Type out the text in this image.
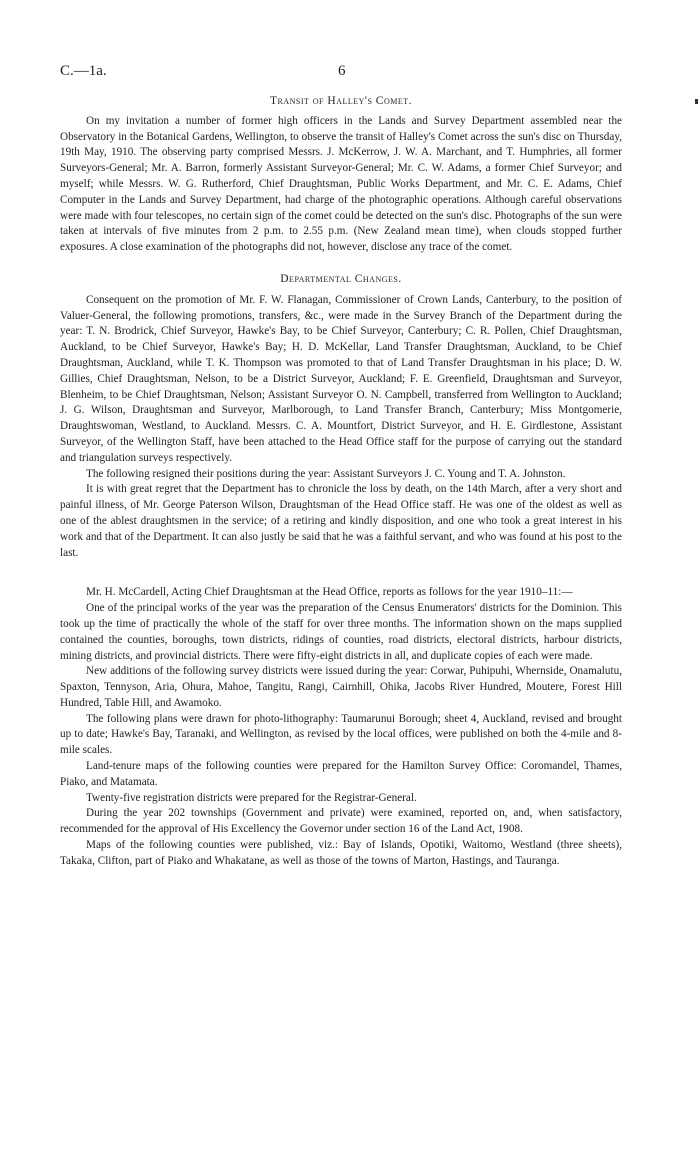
C.—1a.	6
Transit of Halley's Comet.

On my invitation a number of former high officers in the Lands and Survey Department assembled near the Observatory in the Botanical Gardens, Wellington, to observe the transit of Halley's Comet across the sun's disc on Thursday, 19th May, 1910. The observing party comprised Messrs. J. McKerrow, J. W. A. Marchant, and T. Humphries, all former Surveyors-General; Mr. A. Barron, formerly Assistant Surveyor-General; Mr. C. W. Adams, a former Chief Surveyor; and myself; while Messrs. W. G. Rutherford, Chief Draughtsman, Public Works Department, and Mr. C. E. Adams, Chief Computer in the Lands and Survey Department, had charge of the photographic operations. Although careful observations were made with four telescopes, no certain sign of the comet could be detected on the sun's disc. Photographs of the sun were taken at intervals of five minutes from 2 p.m. to 2.55 p.m. (New Zealand mean time), when clouds stopped further exposures. A close examination of the photographs did not, however, disclose any trace of the comet.

Departmental Changes.

Consequent on the promotion of Mr. F. W. Flanagan, Commissioner of Crown Lands, Canterbury, to the position of Valuer-General, the following promotions, transfers, &c., were made in the Survey Branch of the Department during the year: T. N. Brodrick, Chief Surveyor, Hawke's Bay, to be Chief Surveyor, Canterbury; C. R. Pollen, Chief Draughtsman, Auckland, to be Chief Surveyor, Hawke's Bay; H. D. McKellar, Land Transfer Draughtsman, Auckland, to be Chief Draughtsman, Auckland, while T. K. Thompson was promoted to that of Land Transfer Draughtsman in his place; D. W. Gillies, Chief Draughtsman, Nelson, to be a District Surveyor, Auckland; F. E. Greenfield, Draughtsman and Surveyor, Blenheim, to be Chief Draughtsman, Nelson; Assistant Surveyor O. N. Campbell, transferred from Wellington to Auckland; J. G. Wilson, Draughtsman and Surveyor, Marlborough, to Land Transfer Branch, Canterbury; Miss Montgomerie, Draughtswoman, Westland, to Auckland. Messrs. C. A. Mountfort, District Surveyor, and H. E. Girdlestone, Assistant Surveyor, of the Wellington Staff, have been attached to the Head Office staff for the purpose of carrying out the standard and triangulation surveys respectively.

The following resigned their positions during the year: Assistant Surveyors J. C. Young and T. A. Johnston.

It is with great regret that the Department has to chronicle the loss by death, on the 14th March, after a very short and painful illness, of Mr. George Paterson Wilson, Draughtsman of the Head Office staff. He was one of the oldest as well as one of the ablest draughtsmen in the service; of a retiring and kindly disposition, and one who took a great interest in his work and that of the Department. It can also justly be said that he was a faithful servant, and who was found at his post to the last.

Mr. H. McCardell, Acting Chief Draughtsman at the Head Office, reports as follows for the year 1910–11:—

One of the principal works of the year was the preparation of the Census Enumerators' districts for the Dominion. This took up the time of practically the whole of the staff for over three months. The information shown on the maps supplied contained the counties, boroughs, town districts, ridings of counties, road districts, electoral districts, harbour districts, mining districts, and provincial districts. There were fifty-eight districts in all, and duplicate copies of each were made.

New additions of the following survey districts were issued during the year: Corwar, Puhipuhi, Whernside, Onamalutu, Spaxton, Tennyson, Aria, Ohura, Mahoe, Tangitu, Rangi, Cairnhill, Ohika, Jacobs River Hundred, Moutere, Forest Hill Hundred, Table Hill, and Awamoko.

The following plans were drawn for photo-lithography: Taumarunui Borough; sheet 4, Auckland, revised and brought up to date; Hawke's Bay, Taranaki, and Wellington, as revised by the local offices, were published on both the 4-mile and 8-mile scales.

Land-tenure maps of the following counties were prepared for the Hamilton Survey Office: Coromandel, Thames, Piako, and Matamata.

Twenty-five registration districts were prepared for the Registrar-General.

During the year 202 townships (Government and private) were examined, reported on, and, when satisfactory, recommended for the approval of His Excellency the Governor under section 16 of the Land Act, 1908.

Maps of the following counties were published, viz.: Bay of Islands, Opotiki, Waitomo, Westland (three sheets), Takaka, Clifton, part of Piako and Whakatane, as well as those of the towns of Marton, Hastings, and Tauranga.
